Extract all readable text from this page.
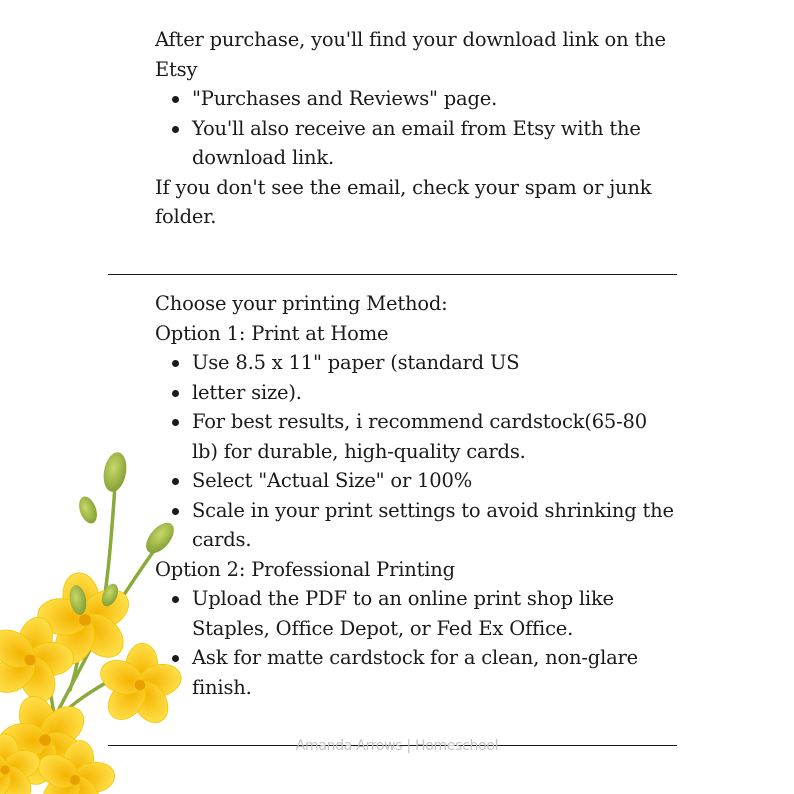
After purchase, you'll find your download link on the
Etsy
"Purchases and Reviews" page.
You'll also receive an email from Etsy with the
download link.
If you don't see the email, check your spam or junk
folder.
Choose your printing Method:
Option 1: Print at Home
Use 8.5 x 11" paper (standard US
letter size).
For best results, i recommend cardstock(65-80
lb) for durable, high-quality cards.
Select "Actual Size" or 100%
Scale in your print settings to avoid shrinking the
cards.
Option 2: Professional Printing
Upload the PDF to an online print shop like
Staples, Office Depot, or Fed Ex Office.
Ask for matte cardstock for a clean, non-glare
finish.
Amanda Arrows | Homeschool
